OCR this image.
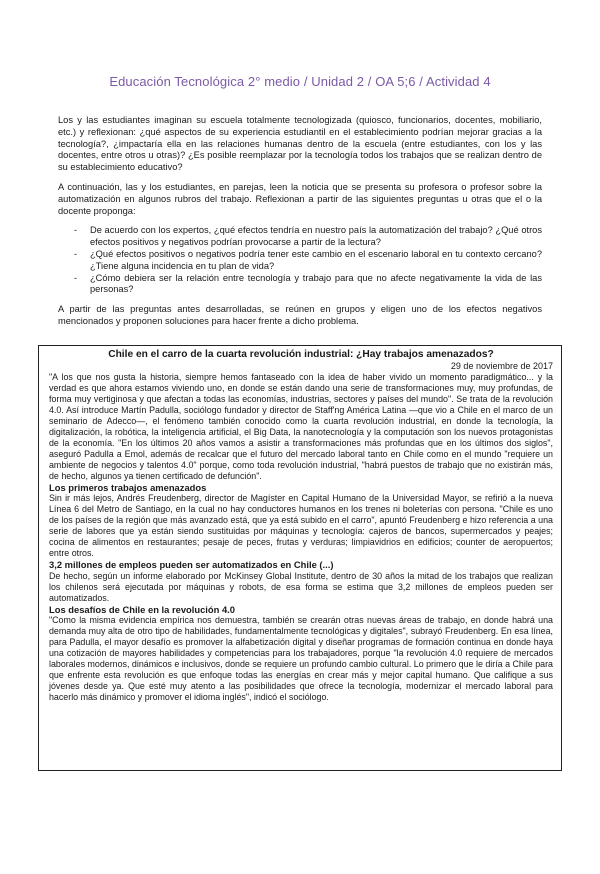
Educación Tecnológica 2° medio / Unidad 2 / OA 5;6 / Actividad 4

Los y las estudiantes imaginan su escuela totalmente tecnologizada (quiosco, funcionarios, docentes, mobiliario, etc.) y reflexionan: ¿qué aspectos de su experiencia estudiantil en el establecimiento podrían mejorar gracias a la tecnología?, ¿impactaría ella en las relaciones humanas dentro de la escuela (entre estudiantes, con los y las docentes, entre otros u otras)? ¿Es posible reemplazar por la tecnología todos los trabajos que se realizan dentro de su establecimiento educativo?

A continuación, las y los estudiantes, en parejas, leen la noticia que se presenta su profesora o profesor sobre la automatización en algunos rubros del trabajo. Reflexionan a partir de las siguientes preguntas u otras que el o la docente proponga:

- De acuerdo con los expertos, ¿qué efectos tendría en nuestro país la automatización del trabajo? ¿Qué otros efectos positivos y negativos podrían provocarse a partir de la lectura?
- ¿Qué efectos positivos o negativos podría tener este cambio en el escenario laboral en tu contexto cercano? ¿Tiene alguna incidencia en tu plan de vida?
- ¿Cómo debiera ser la relación entre tecnología y trabajo para que no afecte negativamente la vida de las personas?

A partir de las preguntas antes desarrolladas, se reúnen en grupos y eligen uno de los efectos negativos mencionados y proponen soluciones para hacer frente a dicho problema.

Chile en el carro de la cuarta revolución industrial: ¿Hay trabajos amenazados?
29 de noviembre de 2017

"A los que nos gusta la historia, siempre hemos fantaseado con la idea de haber vivido un momento paradigmático... y la verdad es que ahora estamos viviendo uno, en donde se están dando una serie de transformaciones muy, muy profundas, de forma muy vertiginosa y que afectan a todas las economías, industrias, sectores y países del mundo". Se trata de la revolución 4.0. Así introduce Martín Padulla, sociólogo fundador y director de Staff'ng América Latina —que vio a Chile en el marco de un seminario de Adecco—, el fenómeno también conocido como la cuarta revolución industrial, en donde la tecnología, la digitalización, la robótica, la inteligencia artificial, el Big Data, la nanotecnología y la computación son los nuevos protagonistas de la economía. "En los últimos 20 años vamos a asistir a transformaciones más profundas que en los últimos dos siglos", aseguró Padulla a Emol, además de recalcar que el futuro del mercado laboral tanto en Chile como en el mundo "requiere un ambiente de negocios y talentos 4.0" porque, como toda revolución industrial, "habrá puestos de trabajo que no existirán más, de hecho, algunos ya tienen certificado de defunción".

Los primeros trabajos amenazados

Sin ir más lejos, Andrés Freudenberg, director de Magíster en Capital Humano de la Universidad Mayor, se refirió a la nueva Línea 6 del Metro de Santiago, en la cual no hay conductores humanos en los trenes ni boleterías con persona. "Chile es uno de los países de la región que más avanzado está, que ya está subido en el carro", apuntó Freudenberg e hizo referencia a una serie de labores que ya están siendo sustituidas por máquinas y tecnología: cajeros de bancos, supermercados y peajes; cocina de alimentos en restaurantes; pesaje de peces, frutas y verduras; limpiavidrios en edificios; counter de aeropuertos; entre otros.

3,2 millones de empleos pueden ser automatizados en Chile (...)

De hecho, según un informe elaborado por McKinsey Global Institute, dentro de 30 años la mitad de los trabajos que realizan los chilenos será ejecutada por máquinas y robots, de esa forma se estima que 3,2 millones de empleos pueden ser automatizados.

Los desafíos de Chile en la revolución 4.0

"Como la misma evidencia empírica nos demuestra, también se crearán otras nuevas áreas de trabajo, en donde habrá una demanda muy alta de otro tipo de habilidades, fundamentalmente tecnológicas y digitales", subrayó Freudenberg. En esa línea, para Padulla, el mayor desafío es promover la alfabetización digital y diseñar programas de formación continua en donde haya una cotización de mayores habilidades y competencias para los trabajadores, porque "la revolución 4.0 requiere de mercados laborales modernos, dinámicos e inclusivos, donde se requiere un profundo cambio cultural. Lo primero que le diría a Chile para que enfrente esta revolución es que enfoque todas las energías en crear más y mejor capital humano. Que califique a sus jóvenes desde ya. Que esté muy atento a las posibilidades que ofrece la tecnología, modernizar el mercado laboral para hacerlo más dinámico y promover el idioma inglés", indicó el sociólogo.
